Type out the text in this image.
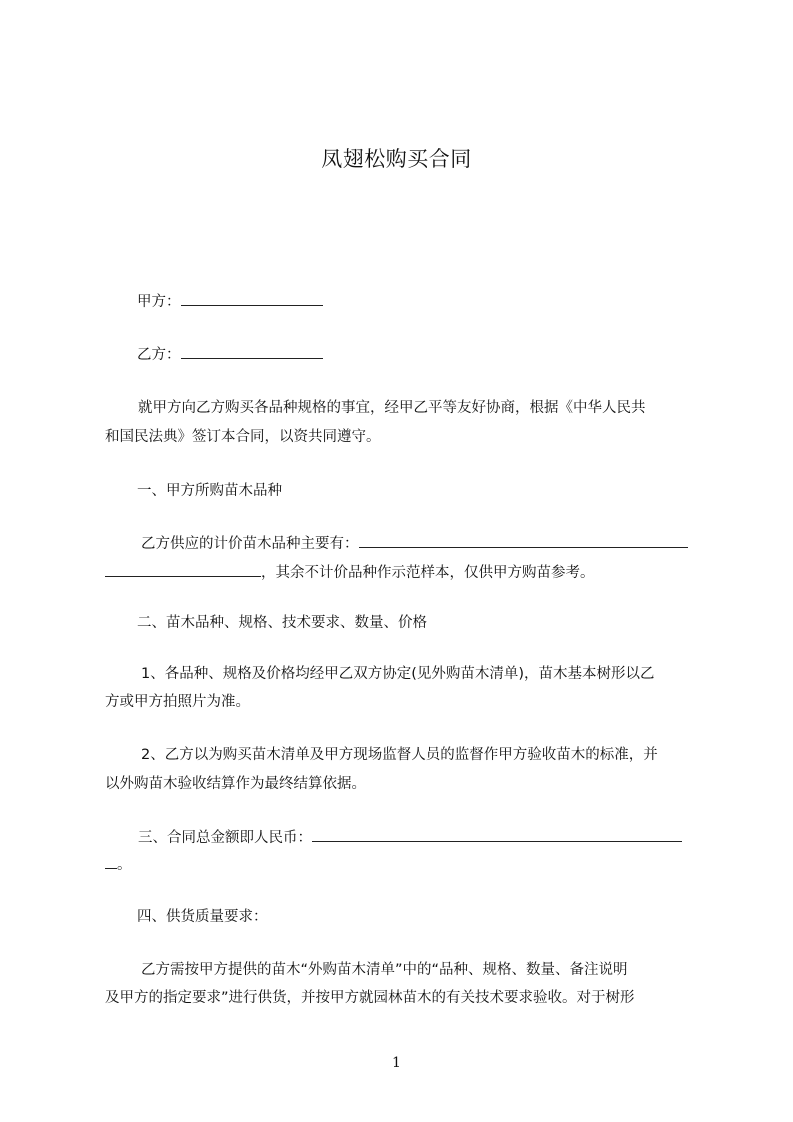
凤翅松购买合同
甲方：
乙方：
就甲方向乙方购买各品种规格的事宜，经甲乙平等友好协商，根据《中华人民共
和国民法典》签订本合同，以资共同遵守。
一、甲方所购苗木品种
乙方供应的计价苗木品种主要有：
，其余不计价品种作示范样本，仅供甲方购苗参考。
二、苗木品种、规格、技术要求、数量、价格
1、各品种、规格及价格均经甲乙双方协定(见外购苗木清单)，苗木基本树形以乙
方或甲方拍照片为准。
2、乙方以为购买苗木清单及甲方现场监督人员的监督作甲方验收苗木的标准，并
以外购苗木验收结算作为最终结算依据。
三、合同总金额即人民币：
。
四、供货质量要求：
乙方需按甲方提供的苗木“外购苗木清单”中的“品种、规格、数量、备注说明
及甲方的指定要求”进行供货，并按甲方就园林苗木的有关技术要求验收。对于树形
1
